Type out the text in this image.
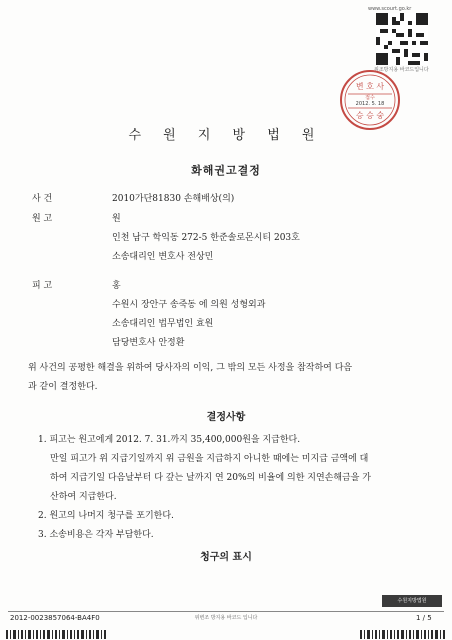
www.scourt.go.kr
위조방지용 바코드입니다
변 호 사
접수
2012. 5. 18
승 승 숭
수 원 지 방 법 원
화해권고결정
사 건	2010가단81830 손해배상(의)
원 고	원
인천 남구 학익동 272-5 한준솔로몬시티 203호
소송대리인 변호사 전상민
피 고	홍
수원시 장안구 송죽동 에 의원 성형외과
소송대리인 법무법인 효원
담당변호사 안정환
위 사건의 공평한 해결을 위하여 당사자의 이익, 그 밖의 모든 사정을 참작하여 다음
과 같이 결정한다.
결정사항
1. 피고는 원고에게 2012. 7. 31.까지 35,400,000원을 지급한다.
만일 피고가 위 지급기일까지 위 금원을 지급하지 아니한 때에는 미지급 금액에 대
하여 지급기일 다음날부터 다 갚는 날까지 연 20%의 비율에 의한 지연손해금을 가
산하여 지급한다.
2. 원고의 나머지 청구를 포기한다.
3. 소송비용은 각자 부담한다.
청구의 표시
수원지방법원
2012-0023857064-BA4F0	위변조 방지용 바코드 입니다	1 / 5
